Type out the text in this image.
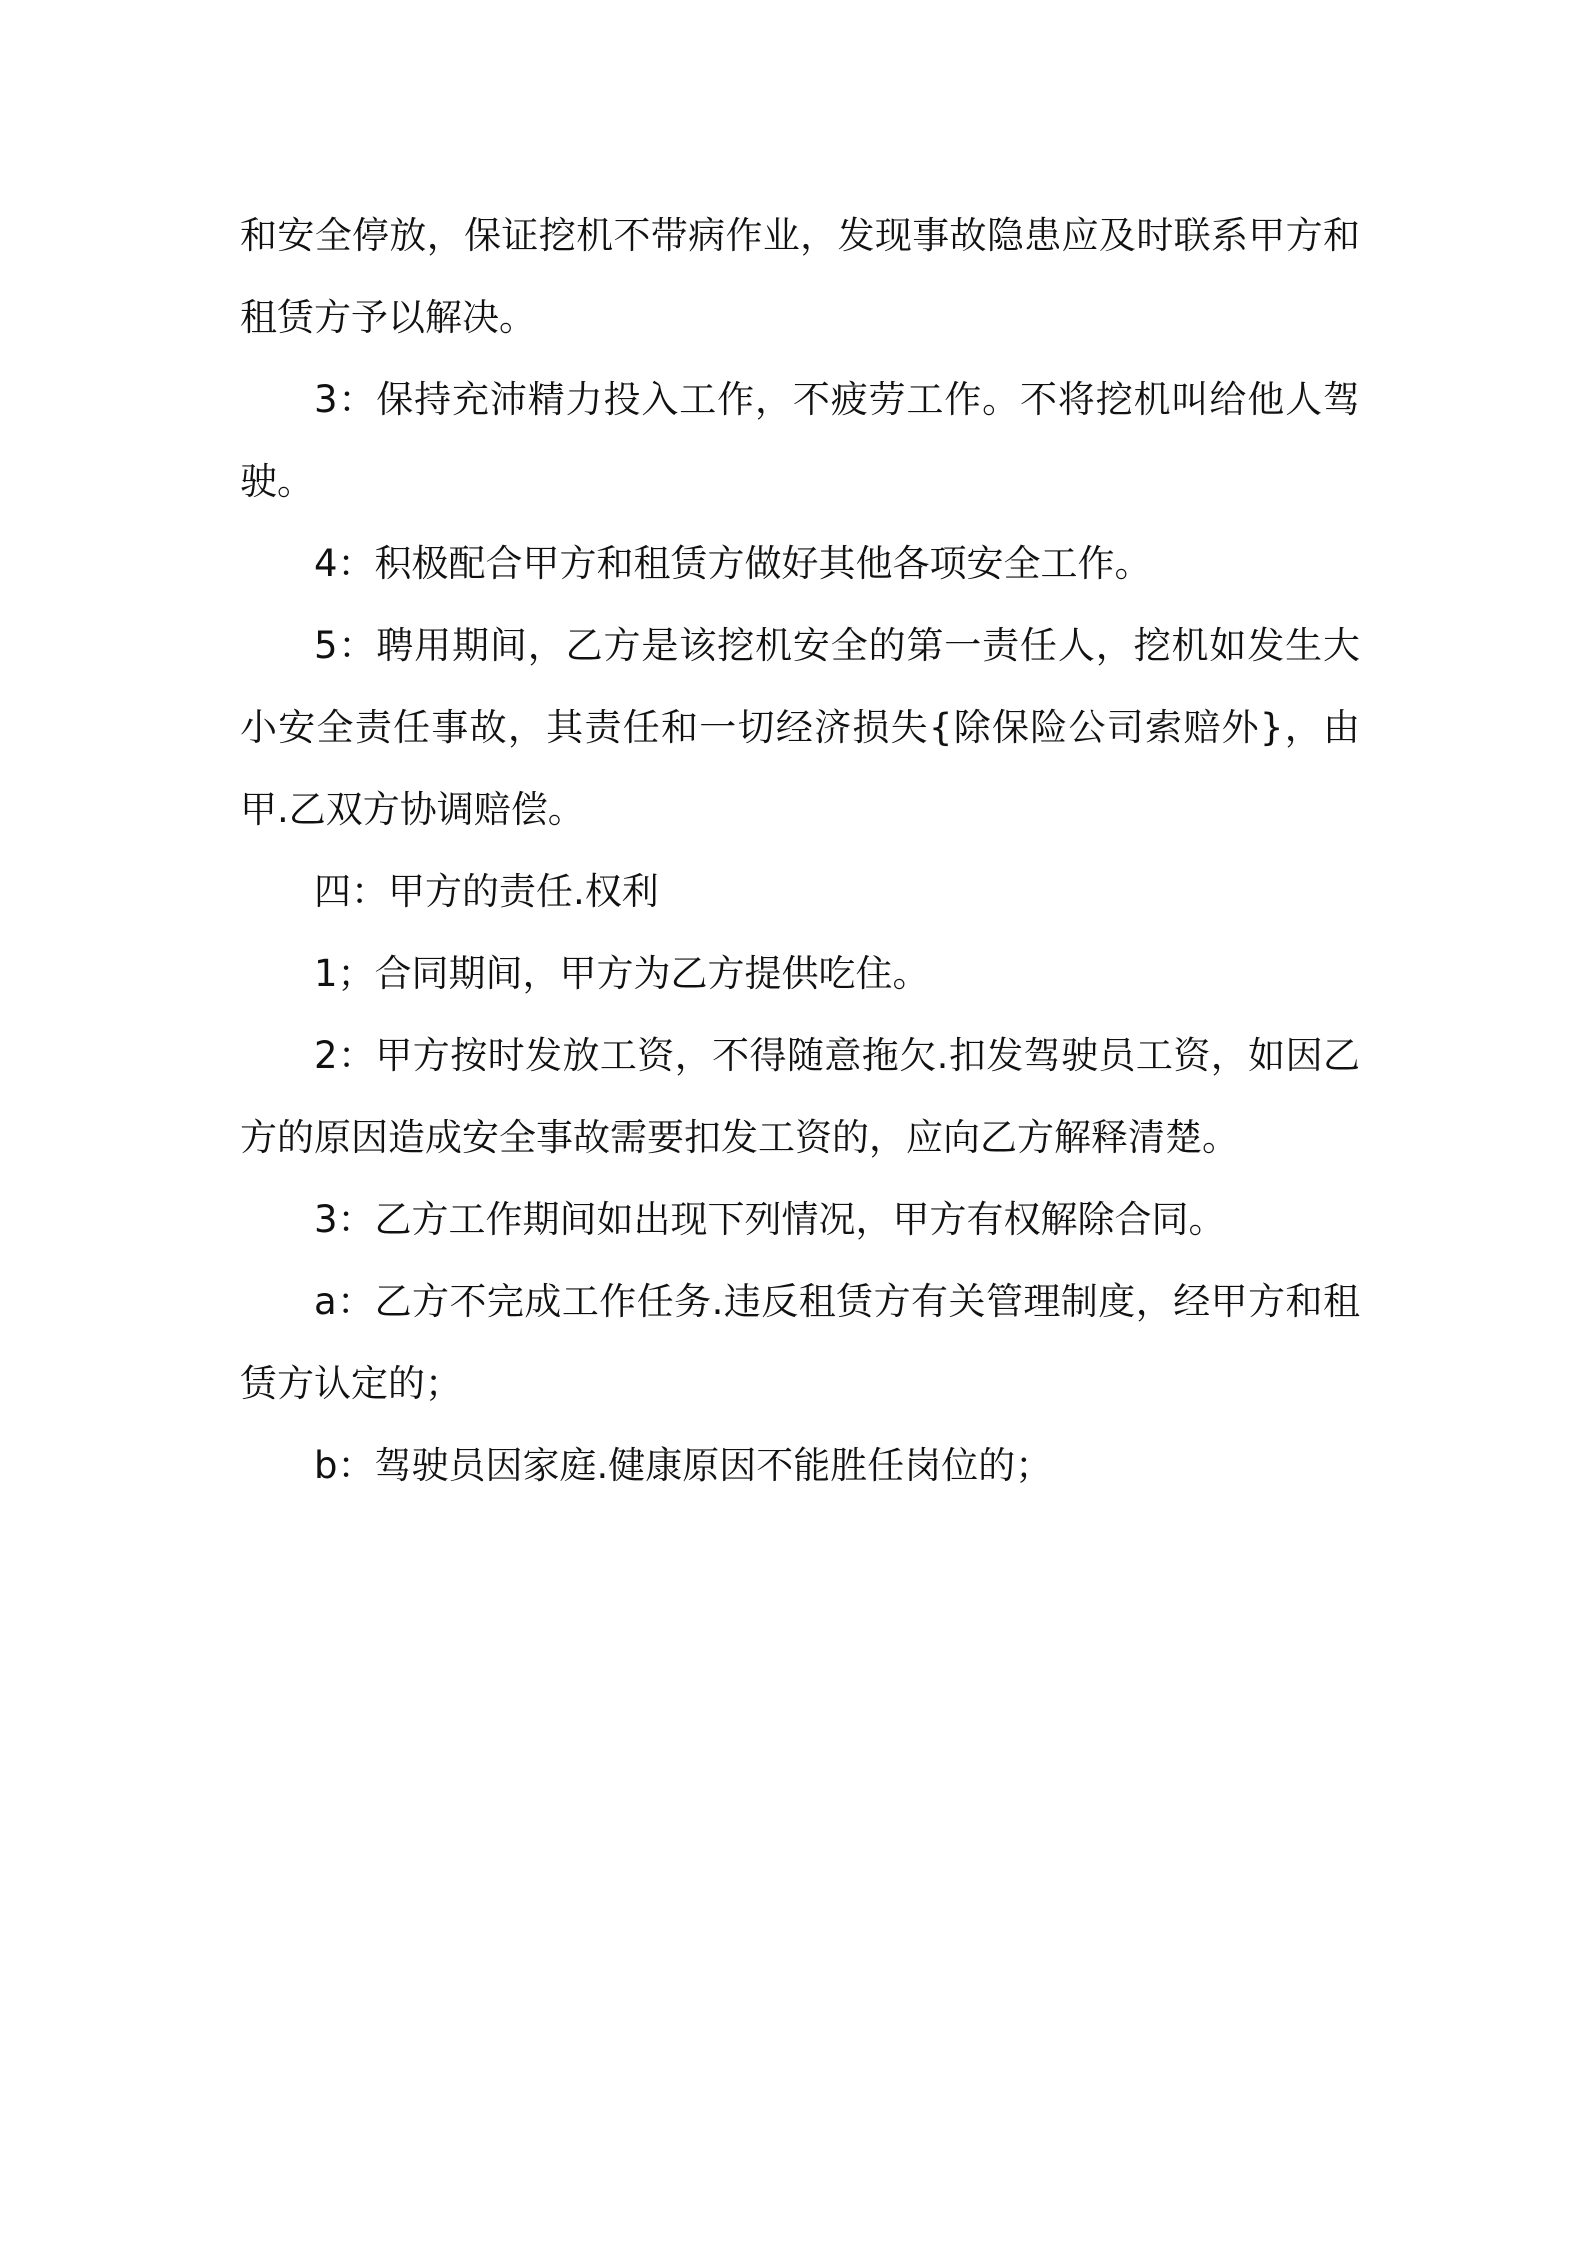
和安全停放，保证挖机不带病作业，发现事故隐患应及时联系甲方和租赁方予以解决。

3：保持充沛精力投入工作，不疲劳工作。不将挖机叫给他人驾驶。

4：积极配合甲方和租赁方做好其他各项安全工作。

5：聘用期间，乙方是该挖机安全的第一责任人，挖机如发生大小安全责任事故，其责任和一切经济损失{除保险公司索赔外}，由甲.乙双方协调赔偿。

四：甲方的责任.权利

1；合同期间，甲方为乙方提供吃住。

2：甲方按时发放工资，不得随意拖欠.扣发驾驶员工资，如因乙方的原因造成安全事故需要扣发工资的，应向乙方解释清楚。

3：乙方工作期间如出现下列情况，甲方有权解除合同。

a：乙方不完成工作任务.违反租赁方有关管理制度，经甲方和租赁方认定的；

b：驾驶员因家庭.健康原因不能胜任岗位的；
